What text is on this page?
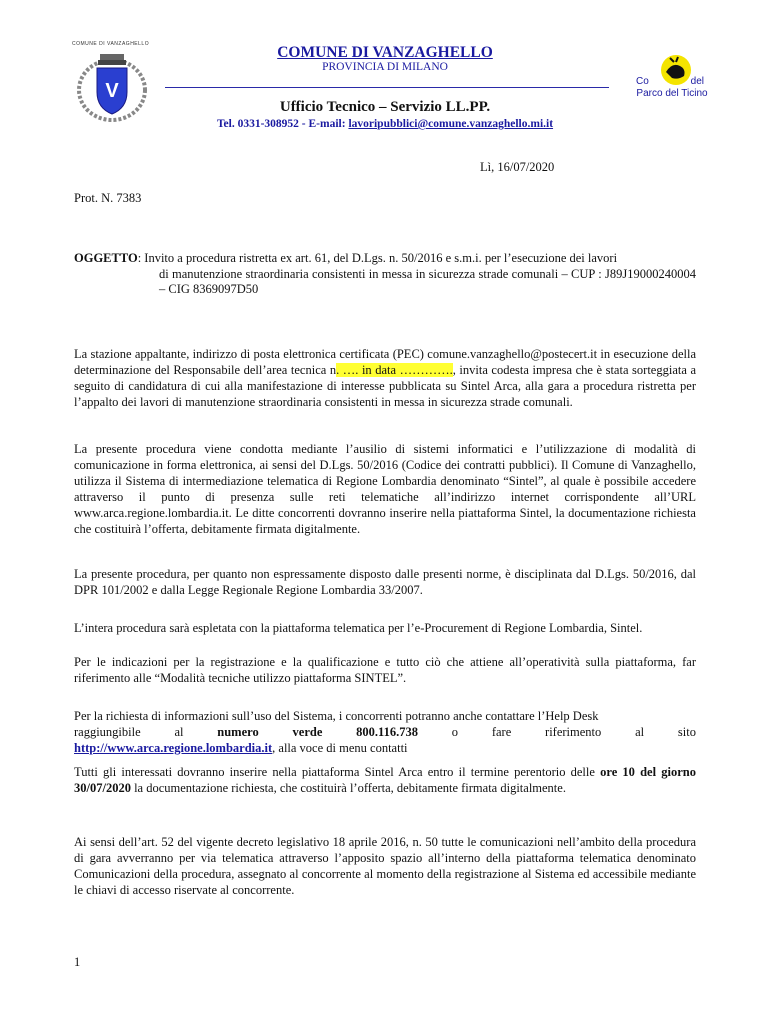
COMUNE DI VANZAGHELLO
V
COMUNE DI VANZAGHELLO
PROVINCIA DI MILANO
Co	del
Parco del Ticino
Ufficio Tecnico – Servizio LL.PP.
Tel. 0331-308952 - E-mail: lavoripubblici@comune.vanzaghello.mi.it
Lì, 16/07/2020
Prot. N. 7383
OGGETTO: Invito a procedura ristretta ex art. 61, del D.Lgs. n. 50/2016 e s.m.i. per l’esecuzione dei lavori
di manutenzione straordinaria consistenti in messa in sicurezza strade comunali – CUP : J89J19000240004 – CIG 8369097D50

La stazione appaltante, indirizzo di posta elettronica certificata (PEC) comune.vanzaghello@postecert.it in esecuzione della determinazione del Responsabile dell’area tecnica n. …. in data …………., invita codesta impresa che è stata sorteggiata a seguito di candidatura di cui alla manifestazione di interesse pubblicata su Sintel Arca, alla gara a procedura ristretta per l’appalto dei lavori di manutenzione straordinaria consistenti in messa in sicurezza strade comunali.

La presente procedura viene condotta mediante l’ausilio di sistemi informatici e l’utilizzazione di modalità di comunicazione in forma elettronica, ai sensi del D.Lgs. 50/2016 (Codice dei contratti pubblici). Il Comune di Vanzaghello, utilizza il Sistema di intermediazione telematica di Regione Lombardia denominato “Sintel”, al quale è possibile accedere attraverso il punto di presenza sulle reti telematiche all’indirizzo internet corrispondente all’URL www.arca.regione.lombardia.it. Le ditte concorrenti dovranno inserire nella piattaforma Sintel, la documentazione richiesta che costituirà l’offerta, debitamente firmata digitalmente.

La presente procedura, per quanto non espressamente disposto dalle presenti norme, è disciplinata dal D.Lgs. 50/2016, dal DPR 101/2002 e dalla Legge Regionale Regione Lombardia 33/2007.

L’intera procedura sarà espletata con la piattaforma telematica per l’e-Procurement di Regione Lombardia, Sintel.

Per le indicazioni per la registrazione e la qualificazione e tutto ciò che attiene all’operatività sulla piattaforma, far riferimento alle “Modalità tecniche utilizzo piattaforma SINTEL”.

Per la richiesta di informazioni sull’uso del Sistema, i concorrenti potranno anche contattare l’Help Desk
raggiungibile	al	numero	verde	800.116.738	o	fare	riferimento	al	sito
http://www.arca.regione.lombardia.it, alla voce di menu contatti

Tutti gli interessati dovranno inserire nella piattaforma Sintel Arca entro il termine perentorio delle ore 10 del giorno 30/07/2020 la documentazione richiesta, che costituirà l’offerta, debitamente firmata digitalmente.

Ai sensi dell’art. 52 del vigente decreto legislativo 18 aprile 2016, n. 50 tutte le comunicazioni nell’ambito della procedura di gara avverranno per via telematica attraverso l’apposito spazio all’interno della piattaforma telematica denominato Comunicazioni della procedura, assegnato al concorrente al momento della registrazione al Sistema ed accessibile mediante le chiavi di accesso riservate al concorrente.

1
